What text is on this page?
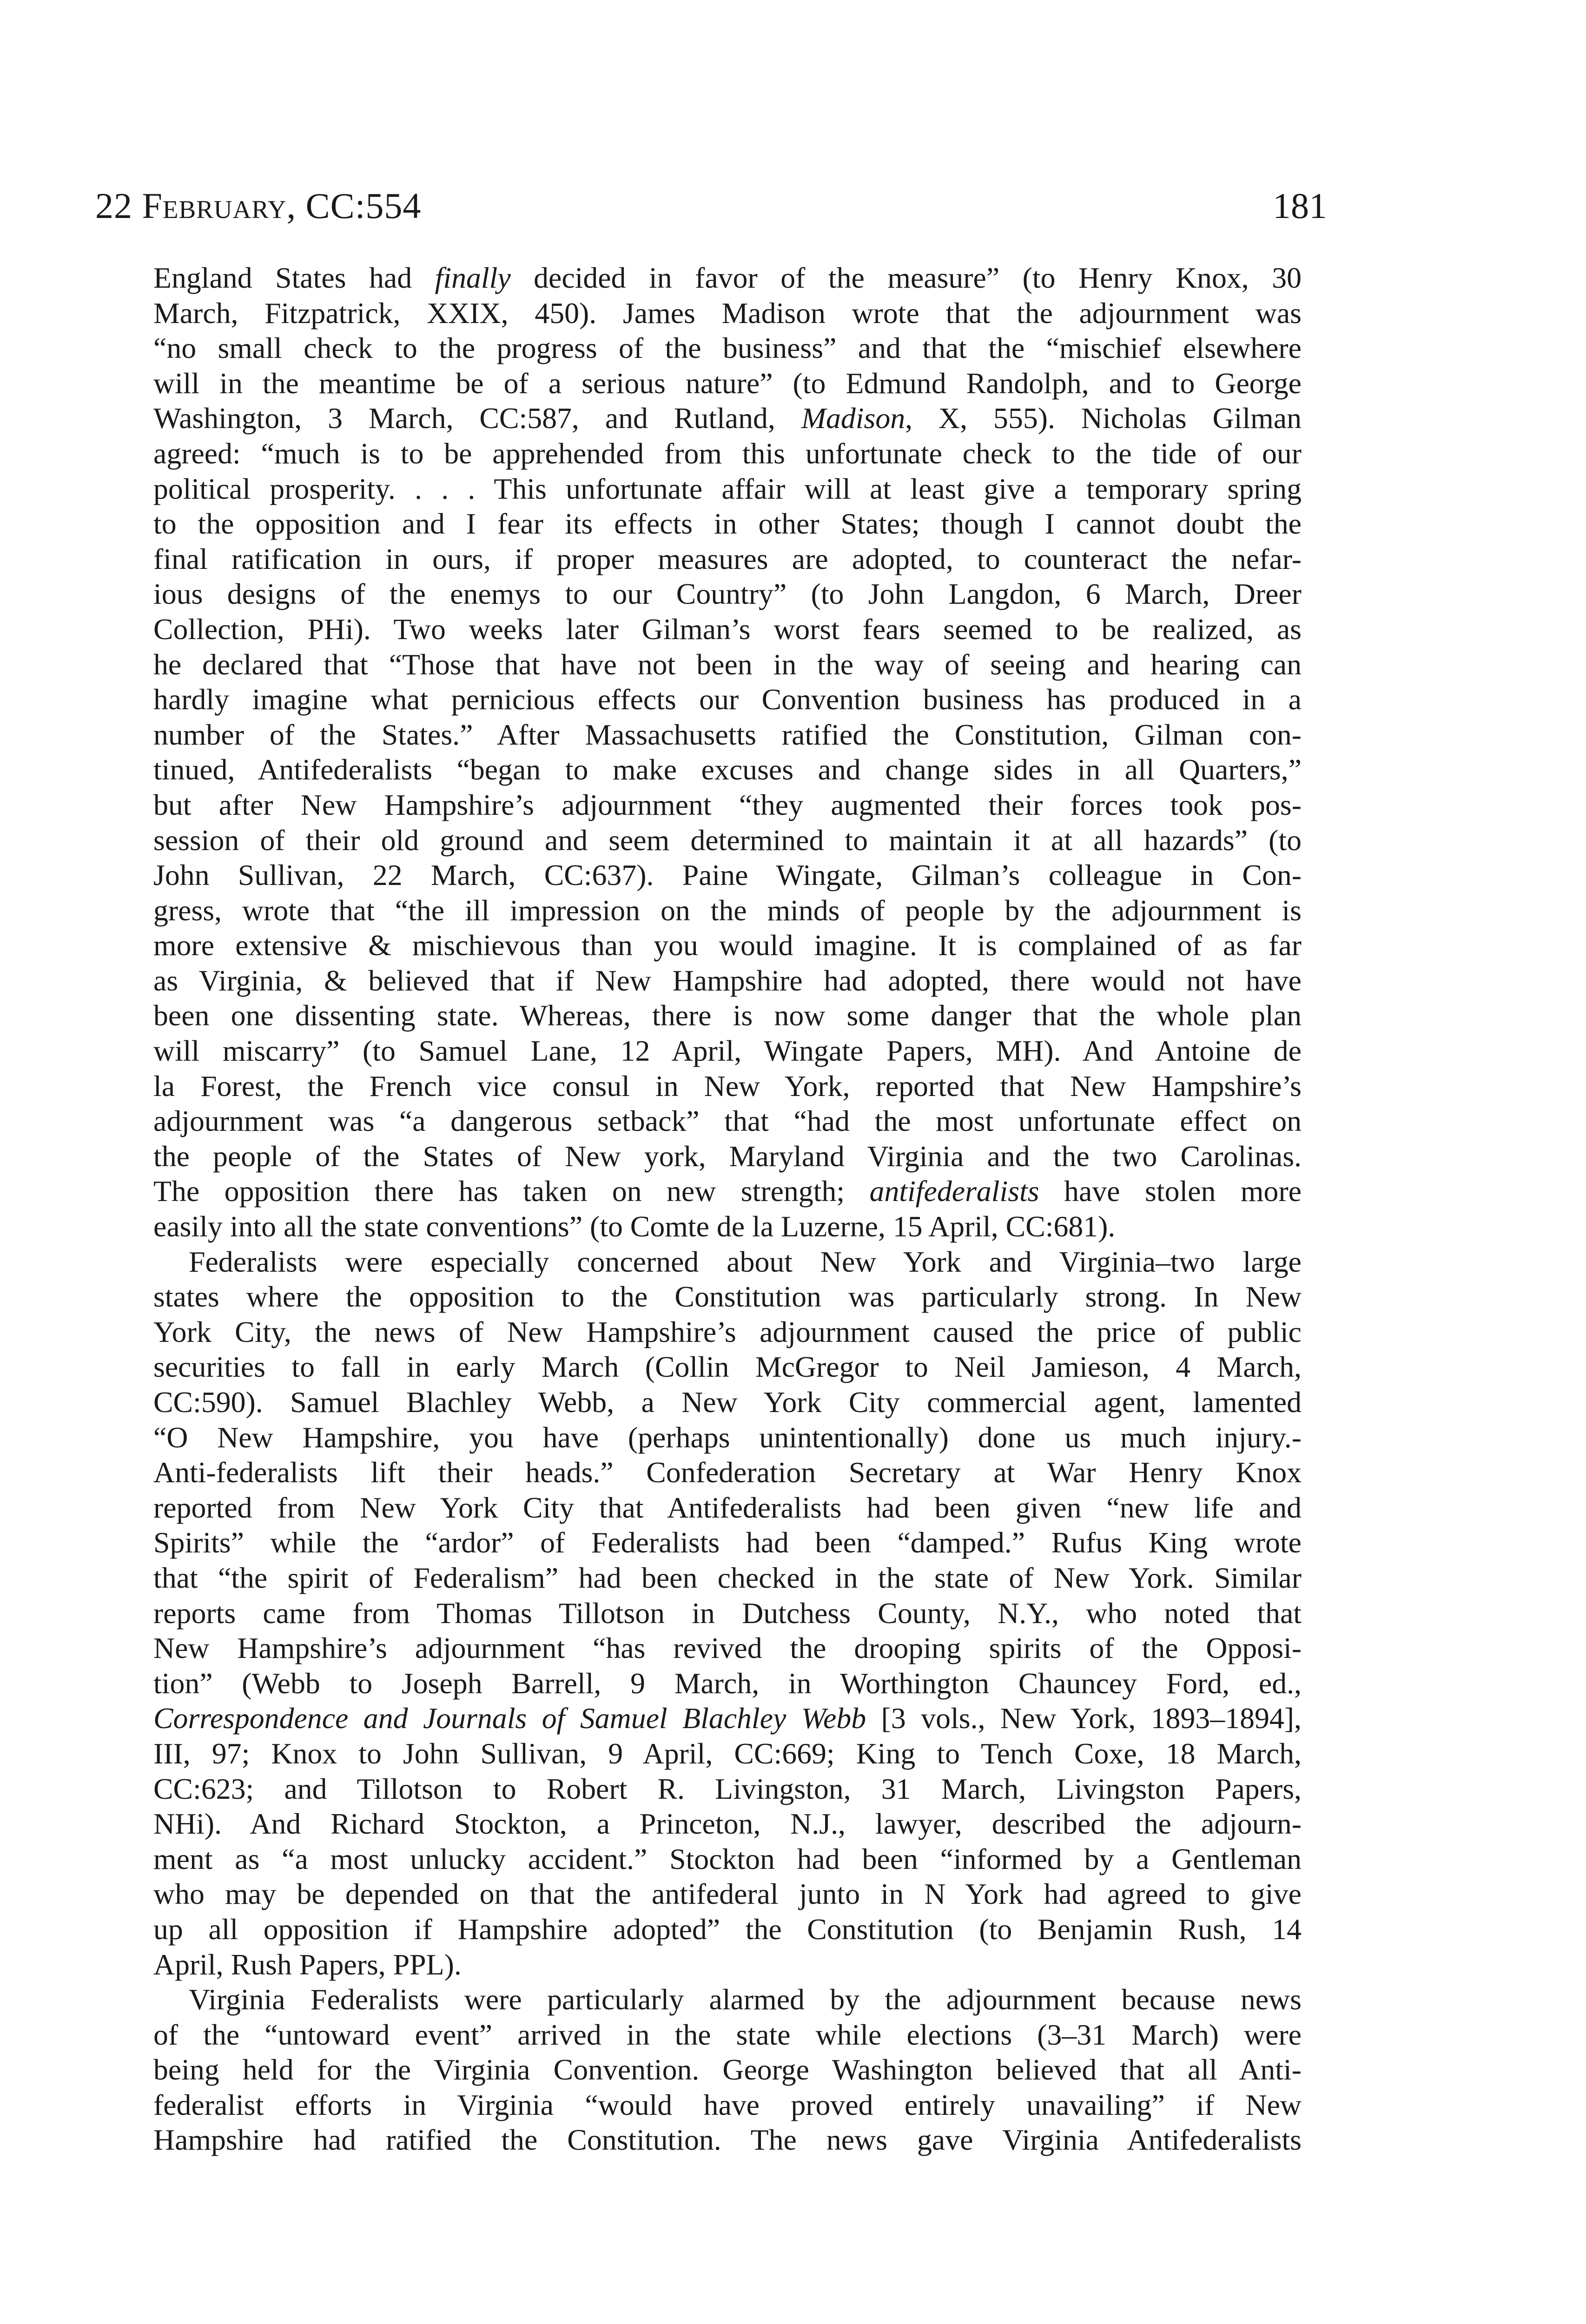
22 February, CC:554	181
England States had finally decided in favor of the measure” (to Henry Knox, 30
March, Fitzpatrick, XXIX, 450). James Madison wrote that the adjournment was
“no small check to the progress of the business” and that the “mischief elsewhere
will in the meantime be of a serious nature” (to Edmund Randolph, and to George
Washington, 3 March, CC:587, and Rutland, Madison, X, 555). Nicholas Gilman
agreed: “much is to be apprehended from this unfortunate check to the tide of our
political prosperity. . . . This unfortunate affair will at least give a temporary spring
to the opposition and I fear its effects in other States; though I cannot doubt the
final ratification in ours, if proper measures are adopted, to counteract the nefar-
ious designs of the enemys to our Country” (to John Langdon, 6 March, Dreer
Collection, PHi). Two weeks later Gilman’s worst fears seemed to be realized, as
he declared that “Those that have not been in the way of seeing and hearing can
hardly imagine what pernicious effects our Convention business has produced in a
number of the States.” After Massachusetts ratified the Constitution, Gilman con-
tinued, Antifederalists “began to make excuses and change sides in all Quarters,”
but after New Hampshire’s adjournment “they augmented their forces took pos-
session of their old ground and seem determined to maintain it at all hazards” (to
John Sullivan, 22 March, CC:637). Paine Wingate, Gilman’s colleague in Con-
gress, wrote that “the ill impression on the minds of people by the adjournment is
more extensive & mischievous than you would imagine. It is complained of as far
as Virginia, & believed that if New Hampshire had adopted, there would not have
been one dissenting state. Whereas, there is now some danger that the whole plan
will miscarry” (to Samuel Lane, 12 April, Wingate Papers, MH). And Antoine de
la Forest, the French vice consul in New York, reported that New Hampshire’s
adjournment was “a dangerous setback” that “had the most unfortunate effect on
the people of the States of New york, Maryland Virginia and the two Carolinas.
The opposition there has taken on new strength; antifederalists have stolen more
easily into all the state conventions” (to Comte de la Luzerne, 15 April, CC:681).
Federalists were especially concerned about New York and Virginia–two large
states where the opposition to the Constitution was particularly strong. In New
York City, the news of New Hampshire’s adjournment caused the price of public
securities to fall in early March (Collin McGregor to Neil Jamieson, 4 March,
CC:590). Samuel Blachley Webb, a New York City commercial agent, lamented
“O New Hampshire, you have (perhaps unintentionally) done us much injury.-
Anti-federalists lift their heads.” Confederation Secretary at War Henry Knox
reported from New York City that Antifederalists had been given “new life and
Spirits” while the “ardor” of Federalists had been “damped.” Rufus King wrote
that “the spirit of Federalism” had been checked in the state of New York. Similar
reports came from Thomas Tillotson in Dutchess County, N.Y., who noted that
New Hampshire’s adjournment “has revived the drooping spirits of the Opposi-
tion” (Webb to Joseph Barrell, 9 March, in Worthington Chauncey Ford, ed.,
Correspondence and Journals of Samuel Blachley Webb [3 vols., New York, 1893–1894],
III, 97; Knox to John Sullivan, 9 April, CC:669; King to Tench Coxe, 18 March,
CC:623; and Tillotson to Robert R. Livingston, 31 March, Livingston Papers,
NHi). And Richard Stockton, a Princeton, N.J., lawyer, described the adjourn-
ment as “a most unlucky accident.” Stockton had been “informed by a Gentleman
who may be depended on that the antifederal junto in N York had agreed to give
up all opposition if Hampshire adopted” the Constitution (to Benjamin Rush, 14
April, Rush Papers, PPL).
Virginia Federalists were particularly alarmed by the adjournment because news
of the “untoward event” arrived in the state while elections (3–31 March) were
being held for the Virginia Convention. George Washington believed that all Anti-
federalist efforts in Virginia “would have proved entirely unavailing” if New
Hampshire had ratified the Constitution. The news gave Virginia Antifederalists
